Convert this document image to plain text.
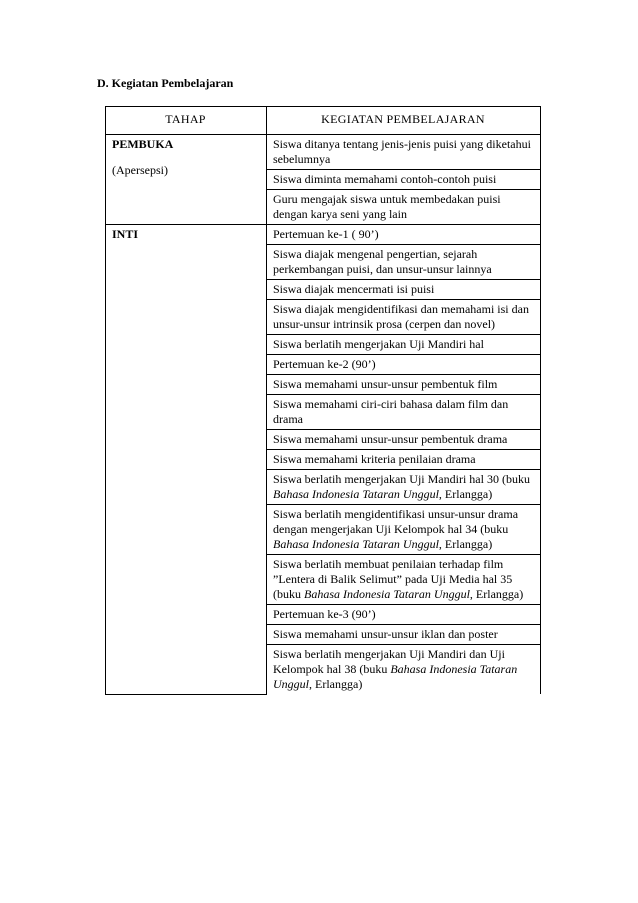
D. Kegiatan Pembelajaran
TAHAP	KEGIATAN PEMBELAJARAN

PEMBUKA
(Apersepsi)	Siswa ditanya tentang jenis-jenis puisi yang diketahui sebelumnya
	Siswa diminta memahami contoh-contoh puisi
	Guru mengajak siswa untuk membedakan puisi dengan karya seni yang lain

INTI	Pertemuan ke-1 ( 90’)
	Siswa diajak mengenal pengertian, sejarah perkembangan puisi, dan unsur-unsur lainnya
	Siswa diajak mencermati isi puisi
	Siswa diajak mengidentifikasi dan memahami isi dan unsur-unsur intrinsik prosa (cerpen dan novel)
	Siswa berlatih mengerjakan Uji Mandiri hal
	Pertemuan ke-2 (90’)
	Siswa memahami unsur-unsur pembentuk film
	Siswa memahami ciri-ciri bahasa dalam film dan drama
	Siswa memahami unsur-unsur pembentuk drama
	Siswa memahami kriteria penilaian drama
	Siswa berlatih mengerjakan Uji Mandiri hal 30 (buku Bahasa Indonesia Tataran Unggul, Erlangga)
	Siswa berlatih mengidentifikasi unsur-unsur drama dengan mengerjakan Uji Kelompok hal 34 (buku Bahasa Indonesia Tataran Unggul, Erlangga)
	Siswa berlatih membuat penilaian terhadap film ”Lentera di Balik Selimut” pada Uji Media hal 35 (buku Bahasa Indonesia Tataran Unggul, Erlangga)
	Pertemuan ke-3 (90’)
	Siswa memahami unsur-unsur iklan dan poster
	Siswa berlatih mengerjakan Uji Mandiri dan Uji Kelompok hal 38 (buku Bahasa Indonesia Tataran Unggul, Erlangga)
